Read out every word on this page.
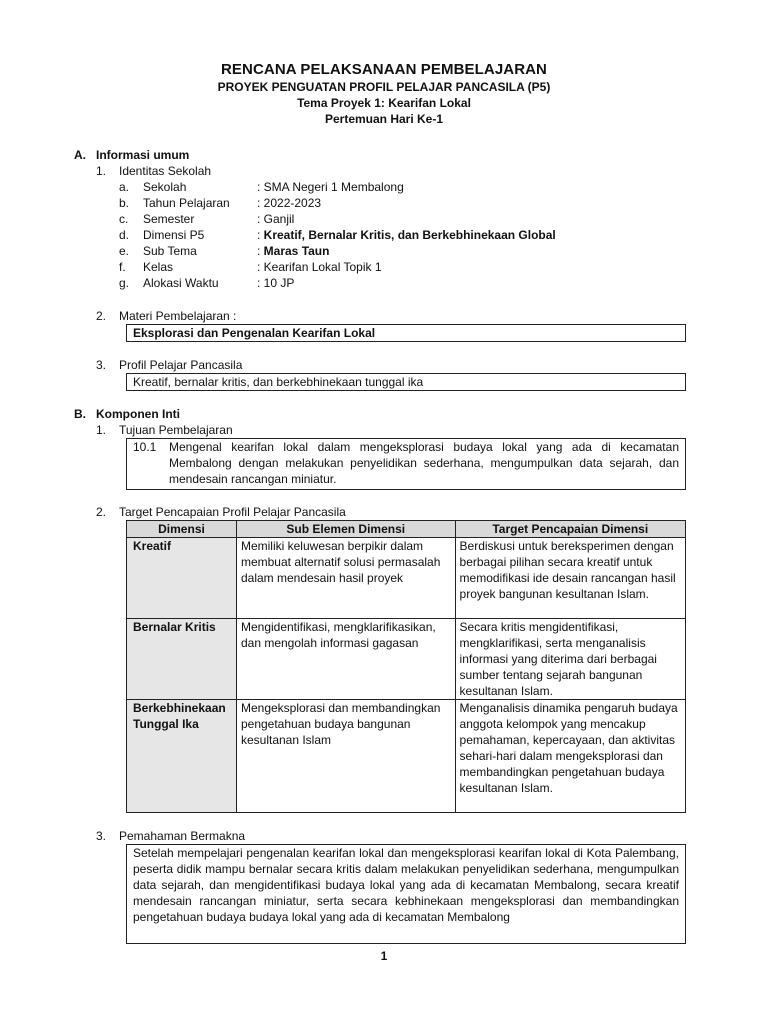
RENCANA PELAKSANAAN PEMBELAJARAN
PROYEK PENGUATAN PROFIL PELAJAR PANCASILA (P5)
Tema Proyek 1: Kearifan Lokal
Pertemuan Hari Ke-1
A. Informasi umum
1. Identitas Sekolah
a. Sekolah	: SMA Negeri 1 Membalong
b. Tahun Pelajaran : 2022-2023
c. Semester	: Ganjil
d. Dimensi P5	: Kreatif, Bernalar Kritis, dan Berkebhinekaan Global
e. Sub Tema	: Maras Taun
f. Kelas	: Kearifan Lokal Topik 1
g. Alokasi Waktu	: 10 JP
2. Materi Pembelajaran :
Eksplorasi dan Pengenalan Kearifan Lokal
3. Profil Pelajar Pancasila
Kreatif, bernalar kritis, dan berkebhinekaan tunggal ika
B. Komponen Inti
1. Tujuan Pembelajaran
10.1 Mengenal kearifan lokal dalam mengeksplorasi budaya lokal yang ada di kecamatan Membalong dengan melakukan penyelidikan sederhana, mengumpulkan data sejarah, dan mendesain rancangan miniatur.
2. Target Pencapaian Profil Pelajar Pancasila
Dimensi	Sub Elemen Dimensi	Target Pencapaian Dimensi
Kreatif	Memiliki keluwesan berpikir dalam membuat alternatif solusi permasalah dalam mendesain hasil proyek	Berdiskusi untuk bereksperimen dengan berbagai pilihan secara kreatif untuk memodifikasi ide desain rancangan hasil proyek bangunan kesultanan Islam.
Bernalar Kritis	Mengidentifikasi, mengklarifikasikan, dan mengolah informasi gagasan	Secara kritis mengidentifikasi, mengklarifikasi, serta menganalisis informasi yang diterima dari berbagai sumber tentang sejarah bangunan kesultanan Islam.
Berkebhinekaan Tunggal Ika	Mengeksplorasi dan membandingkan pengetahuan budaya bangunan kesultanan Islam	Menganalisis dinamika pengaruh budaya anggota kelompok yang mencakup pemahaman, kepercayaan, dan aktivitas sehari-hari dalam mengeksplorasi dan membandingkan pengetahuan budaya kesultanan Islam.
3. Pemahaman Bermakna
Setelah mempelajari pengenalan kearifan lokal dan mengeksplorasi kearifan lokal di Kota Palembang, peserta didik mampu bernalar secara kritis dalam melakukan penyelidikan sederhana, mengumpulkan data sejarah, dan mengidentifikasi budaya lokal yang ada di kecamatan Membalong, secara kreatif mendesain rancangan miniatur, serta secara kebhinekaan mengeksplorasi dan membandingkan pengetahuan budaya budaya lokal yang ada di kecamatan Membalong
1
